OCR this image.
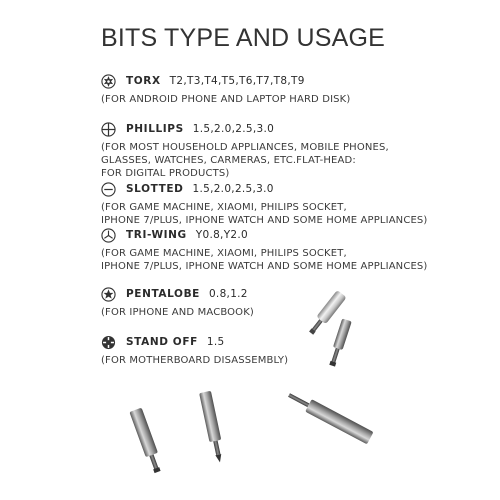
BITS TYPE AND USAGE
TORX T2,T3,T4,T5,T6,T7,T8,T9
(FOR ANDROID PHONE AND LAPTOP HARD DISK)
PHILLIPS 1.5,2.0,2.5,3.0
(FOR MOST HOUSEHOLD APPLIANCES, MOBILE PHONES,
GLASSES, WATCHES, CARMERAS, ETC.FLAT-HEAD:
FOR DIGITAL PRODUCTS)
SLOTTED 1.5,2.0,2.5,3.0
(FOR GAME MACHINE, XIAOMI, PHILIPS SOCKET,
IPHONE 7/PLUS, IPHONE WATCH AND SOME HOME APPLIANCES)
TRI-WING Y0.8,Y2.0
(FOR GAME MACHINE, XIAOMI, PHILIPS SOCKET,
IPHONE 7/PLUS, IPHONE WATCH AND SOME HOME APPLIANCES)
PENTALOBE 0.8,1.2
(FOR IPHONE AND MACBOOK)
STAND OFF 1.5
(FOR MOTHERBOARD DISASSEMBLY)
